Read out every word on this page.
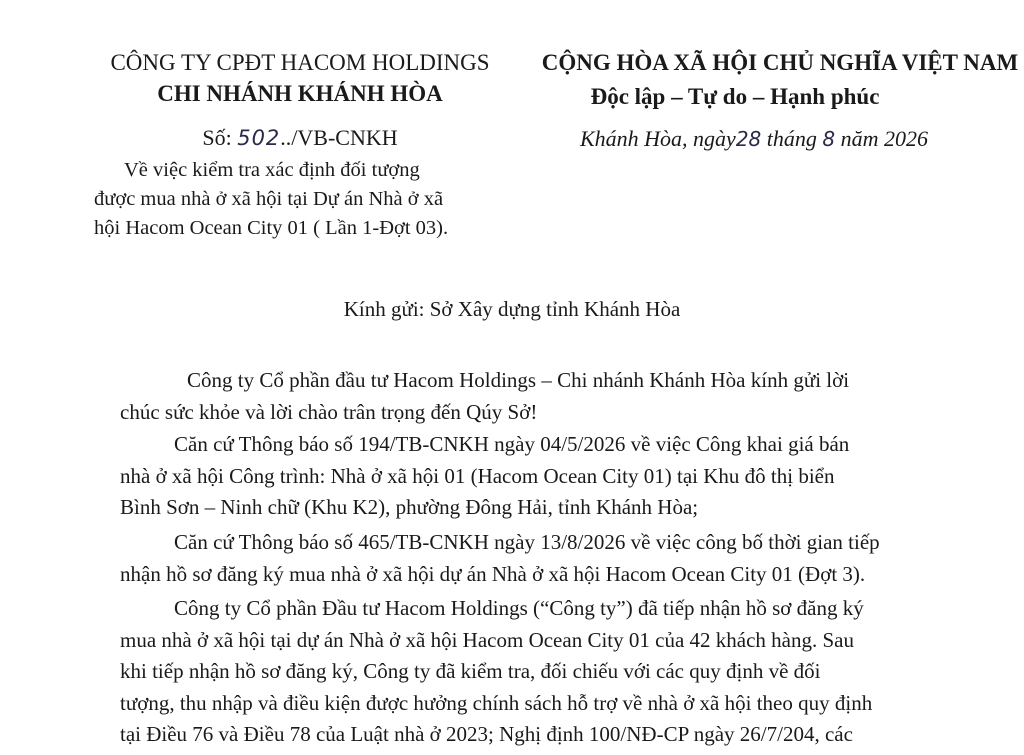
CÔNG TY CPĐT HACOM HOLDINGS
CHI NHÁNH KHÁNH HÒA
Số: 502../VB-CNKH
Về việc kiểm tra xác định đối tượng
được mua nhà ở xã hội tại Dự án Nhà ở xã
hội Hacom Ocean City 01 ( Lần 1-Đợt 03).
CỘNG HÒA XÃ HỘI CHỦ NGHĨA VIỆT NAM
Độc lập – Tự do – Hạnh phúc
Khánh Hòa, ngày28 tháng 8 năm 2026
Kính gửi: Sở Xây dựng tỉnh Khánh Hòa
Công ty Cổ phần đầu tư Hacom Holdings – Chi nhánh Khánh Hòa kính gửi lời
chúc sức khỏe và lời chào trân trọng đến Qúy Sở!
Căn cứ Thông báo số 194/TB-CNKH ngày 04/5/2026 về việc Công khai giá bán
nhà ở xã hội Công trình: Nhà ở xã hội 01 (Hacom Ocean City 01) tại Khu đô thị biển
Bình Sơn – Ninh chữ (Khu K2), phường Đông Hải, tỉnh Khánh Hòa;
Căn cứ Thông báo số 465/TB-CNKH ngày 13/8/2026 về việc công bố thời gian tiếp
nhận hồ sơ đăng ký mua nhà ở xã hội dự án Nhà ở xã hội Hacom Ocean City 01 (Đợt 3).
Công ty Cổ phần Đầu tư Hacom Holdings (“Công ty”) đã tiếp nhận hồ sơ đăng ký
mua nhà ở xã hội tại dự án Nhà ở xã hội Hacom Ocean City 01 của 42 khách hàng. Sau
khi tiếp nhận hồ sơ đăng ký, Công ty đã kiểm tra, đối chiếu với các quy định về đối
tượng, thu nhập và điều kiện được hưởng chính sách hỗ trợ về nhà ở xã hội theo quy định
tại Điều 76 và Điều 78 của Luật nhà ở 2023; Nghị định 100/NĐ-CP ngày 26/7/204, các
